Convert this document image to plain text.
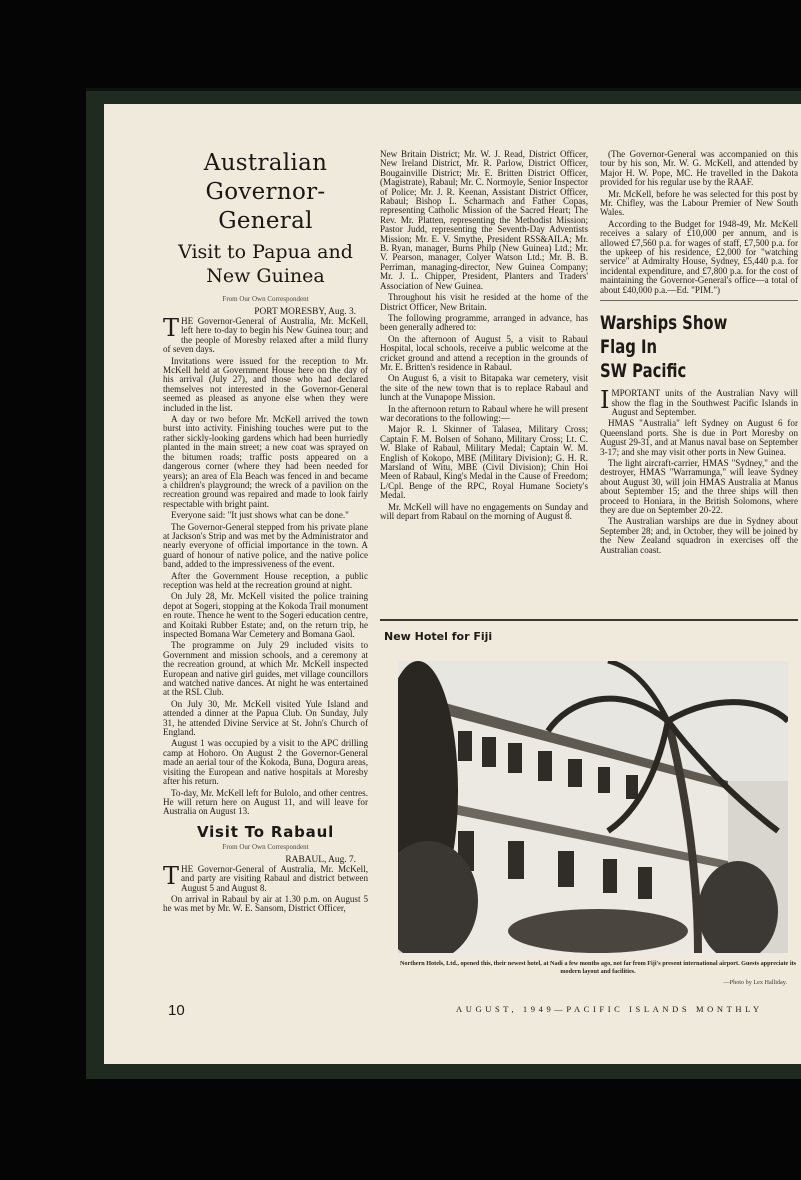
Australian

Governor-General

Visit to Papua and

New Guinea

From Our Own Correspondent
PORT MORESBY, Aug. 3.

THE Governor-General of Australia, Mr. McKell, left here to-day to begin his New Guinea tour; and the people of Moresby relaxed after a mild flurry of seven days.

Invitations were issued for the reception to Mr. McKell held at Government House here on the day of his arrival (July 27), and those who had declared themselves not interested in the Governor-General seemed as pleased as anyone else when they were included in the list.

A day or two before Mr. McKell arrived the town burst into activity. Finishing touches were put to the rather sickly-looking gardens which had been hurriedly planted in the main street; a new coat was sprayed on the bitumen roads; traffic posts appeared on a dangerous corner (where they had been needed for years); an area of Ela Beach was fenced in and became a children's playground; the wreck of a pavilion on the recreation ground was repaired and made to look fairly respectable with bright paint.

Everyone said: "It just shows what can be done."

The Governor-General stepped from his private plane at Jackson's Strip and was met by the Administrator and nearly everyone of official importance in the town. A guard of honour of native police, and the native police band, added to the impressiveness of the event.

After the Government House reception, a public reception was held at the recreation ground at night.

On July 28, Mr. McKell visited the police training depot at Sogeri, stopping at the Kokoda Trail monument en route. Thence he went to the Sogeri education centre, and Koitaki Rubber Estate; and, on the return trip, he inspected Bomana War Cemetery and Bomana Gaol.

The programme on July 29 included visits to Government and mission schools, and a ceremony at the recreation ground, at which Mr. McKell inspected European and native girl guides, met village councillors and watched native dances. At night he was entertained at the RSL Club.

On July 30, Mr. McKell visited Yule Island and attended a dinner at the Papua Club. On Sunday, July 31, he attended Divine Service at St. John's Church of England.

August 1 was occupied by a visit to the APC drilling camp at Hohoro. On August 2 the Governor-General made an aerial tour of the Kokoda, Buna, Dogura areas, visiting the European and native hospitals at Moresby after his return.

To-day, Mr. McKell left for Bulolo, and other centres. He will return here on August 11, and will leave for Australia on August 13.

Visit To Rabaul
From Our Own Correspondent
RABAUL, Aug. 7.

THE Governor-General of Australia, Mr. McKell, and party are visiting Rabaul and district between August 5 and August 8.

On arrival in Rabaul by air at 1.30 p.m. on August 5 he was met by Mr. W. E. Sansom, District Officer,

New Britain District; Mr. W. J. Read, District Officer, New Ireland District, Mr. R. Parlow, District Officer, Bougainville District; Mr. E. Britten District Officer, (Magistrate), Rabaul; Mr. C. Normoyle, Senior Inspector of Police; Mr. J. R. Keenan, Assistant District Officer, Rabaul; Bishop L. Scharmach and Father Copas, representing Catholic Mission of the Sacred Heart; The Rev. Mr. Platten, representing the Methodist Mission; Pastor Judd, representing the Seventh-Day Adventists Mission; Mr. E. V. Smythe, President RSS&AILA; Mr. B. Ryan, manager, Burns Philp (New Guinea) Ltd.; Mr. V. Pearson, manager, Colyer Watson Ltd.; Mr. B. B. Perriman, managing-director, New Guinea Company; Mr. J. L. Chipper, President, Planters and Traders' Association of New Guinea.

Throughout his visit he resided at the home of the District Officer, New Britain.

The following programme, arranged in advance, has been generally adhered to:

On the afternoon of August 5, a visit to Rabaul Hospital, local schools, receive a public welcome at the cricket ground and attend a reception in the grounds of Mr. E. Britten's residence in Rabaul.

On August 6, a visit to Bitapaka war cemetery, visit the site of the new town that is to replace Rabaul and lunch at the Vunapope Mission.

In the afternoon return to Rabaul where he will present war decorations to the following:—

Major R. I. Skinner of Talasea, Military Cross; Captain F. M. Bolsen of Sohano, Military Cross; Lt. C. W. Blake of Rabaul, Military Medal; Captain W. M. English of Kokopo, MBE (Military Division); G. H. R. Marsland of Witu, MBE (Civil Division); Chin Hoi Meen of Rabaul, King's Medal in the Cause of Freedom; L/Cpl. Benge of the RPC, Royal Humane Society's Medal.

Mr. McKell will have no engagements on Sunday and will depart from Rabaul on the morning of August 8.

(The Governor-General was accompanied on this tour by his son, Mr. W. G. McKell, and attended by Major H. W. Pope, MC. He travelled in the Dakota provided for his regular use by the RAAF.

Mr. McKell, before he was selected for this post by Mr. Chifley, was the Labour Premier of New South Wales.

According to the Budget for 1948-49, Mr. McKell receives a salary of £10,000 per annum, and is allowed £7,560 p.a. for wages of staff, £7,500 p.a. for the upkeep of his residence, £2,000 for "watching service" at Admiralty House, Sydney, £5,440 p.a. for incidental expenditure, and £7,800 p.a. for the cost of maintaining the Governor-General's office—a total of about £40,000 p.a.—Ed. "PIM.")

Warships Show
Flag In
SW Pacific

IMPORTANT units of the Australian Navy will show the flag in the Southwest Pacific Islands in August and September.

HMAS "Australia" left Sydney on August 6 for Queensland ports. She is due in Port Moresby on August 29-31, and at Manus naval base on September 3-17; and she may visit other ports in New Guinea.

The light aircraft-carrier, HMAS "Sydney," and the destroyer, HMAS "Warramunga," will leave Sydney about August 30, will join HMAS Australia at Manus about September 15; and the three ships will then proceed to Honiara, in the British Solomons, where they are due on September 20-22.

The Australian warships are due in Sydney about September 28; and, in October, they will be joined by the New Zealand squadron in exercises off the Australian coast.

New Hotel for Fiji
Northern Hotels, Ltd., opened this, their newest hotel, at Nadi a few months ago, not far from Fiji's present international airport. Guests appreciate its modern layout and facilities.
—Photo by Lex Halliday.
10	AUGUST, 1949—PACIFIC ISLANDS MONTHLY
